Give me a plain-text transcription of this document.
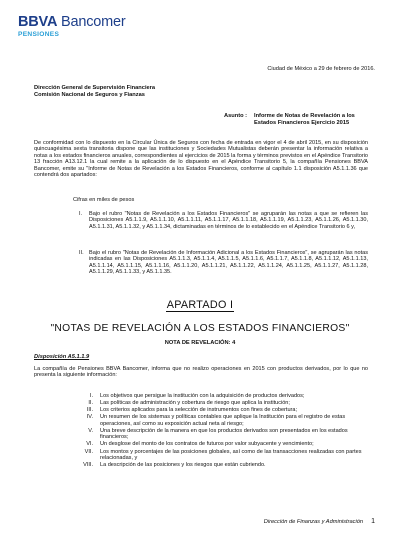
BBVA Bancomer
PENSIONES
Ciudad de México a 29 de febrero de 2016.
Dirección General de Supervisión Financiera
Comisión Nacional de Seguros y Fianzas
Asunto : Informe de Notas de Revelación a los
Estados Financieros Ejercicio 2015
De conformidad con lo dispuesto en la Circular Única de Seguros con fecha de entrada en vigor el 4 de abril 2015, en su disposición quincuagésima sexta transitoria dispone que las instituciones y Sociedades Mutualistas deberán presentar la información relativa a notas a los estados financieros anuales, correspondientes al ejercicios de 2015 la forma y términos previstos en el Apéndice Transitorio 13 fracción A13.12.1 la cual remite a la aplicación de lo dispuesto en el Apéndice Transitorio 5, la compañía Pensiones BBVA Bancomer, emite su "Informe de Notas de Revelación a los Estados Financieros, conforme al capítulo 1.1 disposición A5.1.1.36 que contendrá dos apartados:
Cifras en miles de pesos
I. Bajo el rubro "Notas de Revelación a los Estados Financieros" se agruparán las notas a que se refieren las Disposiciones A5.1.1.9, A5.1.1.10, A5.1.1.11, A5.1.1.17, A5.1.1.18, A5.1.1.19, A5.1.1.23, A5.1.1.26, A5.1.1.30, A5.1.1.31, A5.1.1.32, y A5.1.1.34, dictaminadas en términos de lo establecido en el Apéndice Transitorio 6 y,
II. Bajo el rubro "Notas de Revelación de Información Adicional a los Estados Financieros", se agruparán las notas indicadas en las Disposiciones A5.1.1.3, A5.1.1.4, A5.1.1.5, A5.1.1.6, A5.1.1.7, A5.1.1.8, A5.1.1.12, A5.1.1.13, A5.1.1.14, A5.1.1.15, A5.1.1.16, A5.1.1.20, A5.1.1.21, A5.1.1.22, A5.1.1.24, A5.1.1.25, A5.1.1.27, A5.1.1.28, A5.1.1.29, A5.1.1.33, y A5.1.1.35.
APARTADO I
"NOTAS DE REVELACIÓN A LOS ESTADOS FINANCIEROS"
NOTA DE REVELACIÓN: 4
Disposición A5.1.1.9
La compañía de Pensiones BBVA Bancomer, informa que no realizo operaciones en 2015 con productos derivados, por lo que no presenta la siguiente información:
I.	Los objetivos que persigue la institución con la adquisición de productos derivados;
II.	Las políticas de administración y cobertura de riesgo que aplica la institución;
III.	Los criterios aplicados para la selección de instrumentos con fines de cobertura;
IV.	Un resumen de los sistemas y políticas contables que aplique la Institución para el registro de estas operaciones, así como su exposición actual neta al riesgo;
V.	Una breve descripción de la manera en que los productos derivados son presentados en los estados financieros;
VI.	Un desglose del monto de los contratos de futuros por valor subyacente y vencimiento;
VII.	Los montos y porcentajes de las posiciones globales, así como de las transacciones realizadas con partes relacionadas, y
VIII.	La descripción de las posiciones y los riesgos que están cubriendo.
Dirección de Finanzas y Administración 1
